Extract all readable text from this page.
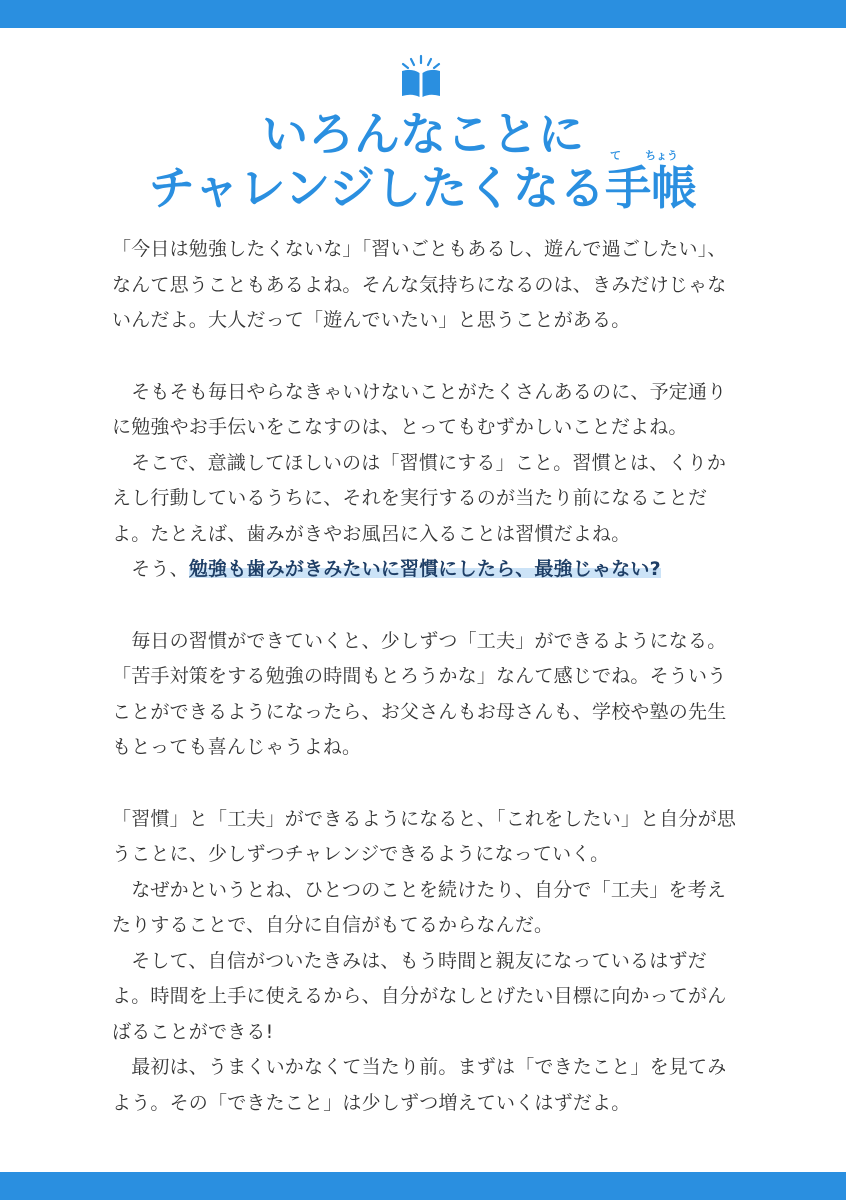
いろんなことに	て ちょう
チャレンジしたくなる手帳

「今日は勉強したくないな」「習いごともあるし、遊んで過ごしたい」、なんて思うこともあるよね。そんな気持ちになるのは、きみだけじゃないんだよ。大人だって「遊んでいたい」と思うことがある。

　そもそも毎日やらなきゃいけないことがたくさんあるのに、予定通りに勉強やお手伝いをこなすのは、とってもむずかしいことだよね。

　そこで、意識してほしいのは「習慣にする」こと。習慣とは、くりかえし行動しているうちに、それを実行するのが当たり前になることだよ。たとえば、歯みがきやお風呂に入ることは習慣だよね。

　そう、勉強も歯みがきみたいに習慣にしたら、最強じゃない?

　毎日の習慣ができていくと、少しずつ「工夫」ができるようになる。「苦手対策をする勉強の時間もとろうかな」なんて感じでね。そういうことができるようになったら、お父さんもお母さんも、学校や塾の先生もとっても喜んじゃうよね。

「習慣」と「工夫」ができるようになると、「これをしたい」と自分が思うことに、少しずつチャレンジできるようになっていく。

　なぜかというとね、ひとつのことを続けたり、自分で「工夫」を考えたりすることで、自分に自信がもてるからなんだ。

　そして、自信がついたきみは、もう時間と親友になっているはずだよ。時間を上手に使えるから、自分がなしとげたい目標に向かってがんばることができる!

　最初は、うまくいかなくて当たり前。まずは「できたこと」を見てみよう。その「できたこと」は少しずつ増えていくはずだよ。
